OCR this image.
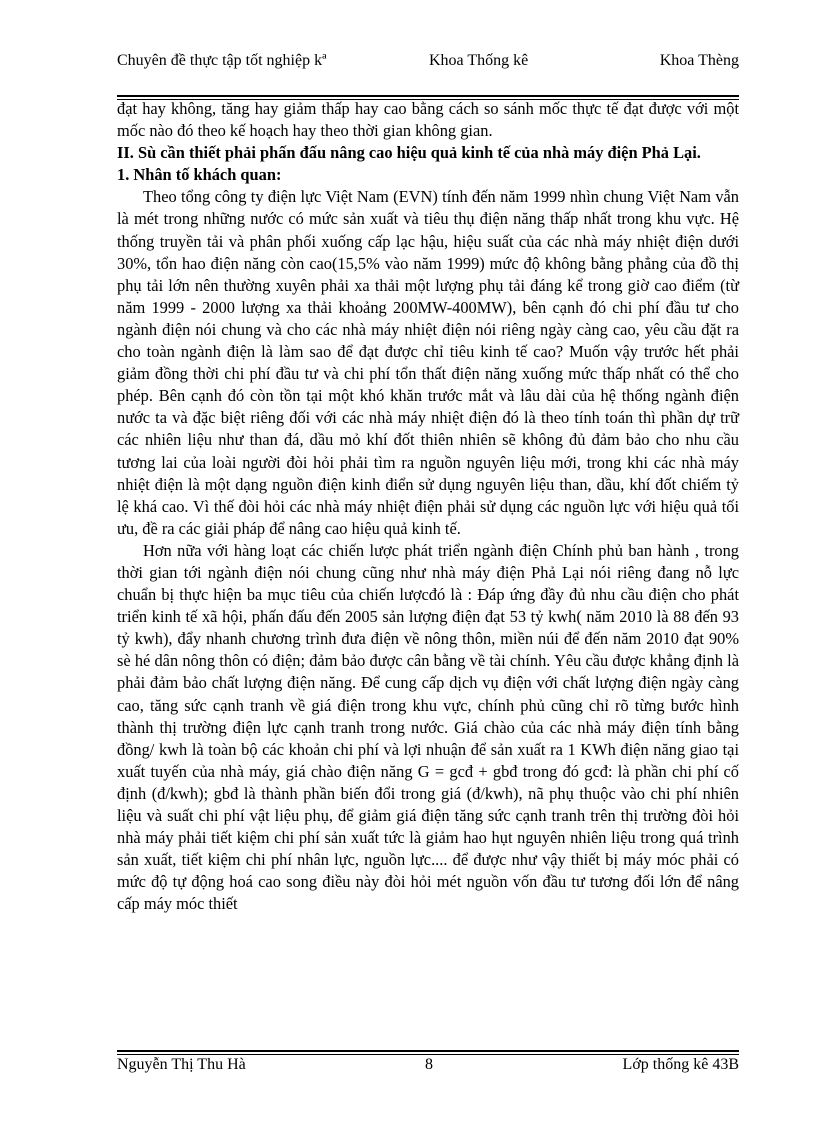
Chuyên đề thực tập tốt nghiệp kª	Khoa Thống kê	Khoa Thèng

đạt hay không, tăng hay giảm thấp hay cao bằng cách so sánh mốc thực tế đạt được với một mốc nào đó theo kế hoạch hay theo thời gian không gian.

II. Sù cần thiết phải phấn đấu nâng cao hiệu quả kinh tế của nhà máy điện Phả Lại.

1. Nhân tố khách quan:

Theo tổng công ty điện lực Việt Nam (EVN) tính đến năm 1999 nhìn chung Việt Nam vẫn là mét trong những nước có mức sản xuất và tiêu thụ điện năng thấp nhất trong khu vực. Hệ thống truyền tải và phân phối xuống cấp lạc hậu, hiệu suất của các nhà máy nhiệt điện dưới 30%, tổn hao điện năng còn cao(15,5% vào năm 1999) mức độ không bằng phẳng của đồ thị phụ tải lớn nên thường xuyên phải xa thải một lượng phụ tải đáng kể trong giờ cao điểm (từ năm 1999 - 2000 lượng xa thải khoảng 200MW-400MW), bên cạnh đó chi phí đầu tư cho ngành điện nói chung và cho các nhà máy nhiệt điện nói riêng ngày càng cao, yêu cầu đặt ra cho toàn ngành điện là làm sao để đạt được chỉ tiêu kinh tế cao? Muốn vậy trước hết phải giảm đồng thời chi phí đầu tư và chi phí tổn thất điện năng xuống mức thấp nhất có thể cho phép. Bên cạnh đó còn tồn tại một khó khăn trước mắt và lâu dài của hệ thống ngành điện nước ta và đặc biệt riêng đối với các nhà máy nhiệt điện đó là theo tính toán thì phần dự trữ các nhiên liệu như than đá, dầu mỏ khí đốt thiên nhiên sẽ không đủ đảm bảo cho nhu cầu tương lai của loài người đòi hỏi phải tìm ra nguồn nguyên liệu mới, trong khi các nhà máy nhiệt điện là một dạng nguồn điện kinh điển sử dụng nguyên liệu than, dầu, khí đốt chiếm tỷ lệ khá cao. Vì thế đòi hỏi các nhà máy nhiệt điện phải sử dụng các nguồn lực với hiệu quả tối ưu, đề ra các giải pháp để nâng cao hiệu quả kinh tế.

Hơn nữa với hàng loạt các chiến lược phát triển ngành điện Chính phủ ban hành , trong thời gian tới ngành điện nói chung cũng như nhà máy điện Phả Lại nói riêng đang nỗ lực chuẩn bị thực hiện ba mục tiêu của chiến lượcđó là : Đáp ứng đầy đủ nhu cầu điện cho phát triển kinh tế xã hội, phấn đấu đến 2005 sản lượng điện đạt 53 tỷ kwh( năm 2010 là 88 đến 93 tỷ kwh), đẩy nhanh chương trình đưa điện về nông thôn, miền núi để đến năm 2010 đạt 90% sè hé dân nông thôn có điện; đảm bảo được cân bằng về tài chính. Yêu cầu được khẳng định là phải đảm bảo chất lượng điện năng. Để cung cấp dịch vụ điện với chất lượng điện ngày càng cao, tăng sức cạnh tranh về giá điện trong khu vực, chính phủ cũng chỉ rõ từng bước hình thành thị trường điện lực cạnh tranh trong nước. Giá chào của các nhà máy điện tính bằng đồng/ kwh là toàn bộ các khoản chi phí và lợi nhuận để sản xuất ra 1 KWh điện năng giao tại xuất tuyến của nhà máy, giá chào điện năng G = gcđ + gbđ trong đó gcđ: là phần chi phí cố định (đ/kwh); gbđ là thành phần biến đổi trong giá (đ/kwh), nã phụ thuộc vào chi phí nhiên liệu và suất chi phí vật liệu phụ, để giảm giá điện tăng sức cạnh tranh trên thị trường đòi hỏi nhà máy phải tiết kiệm chi phí sản xuất tức là giảm hao hụt nguyên nhiên liệu trong quá trình sản xuất, tiết kiệm chi phí nhân lực, nguồn lực.... để được như vậy thiết bị máy móc phải có mức độ tự động hoá cao song điều này đòi hỏi mét nguồn vốn đầu tư tương đối lớn để nâng cấp máy móc thiết

Nguyễn Thị Thu Hà	8	Lớp thống kê 43B
